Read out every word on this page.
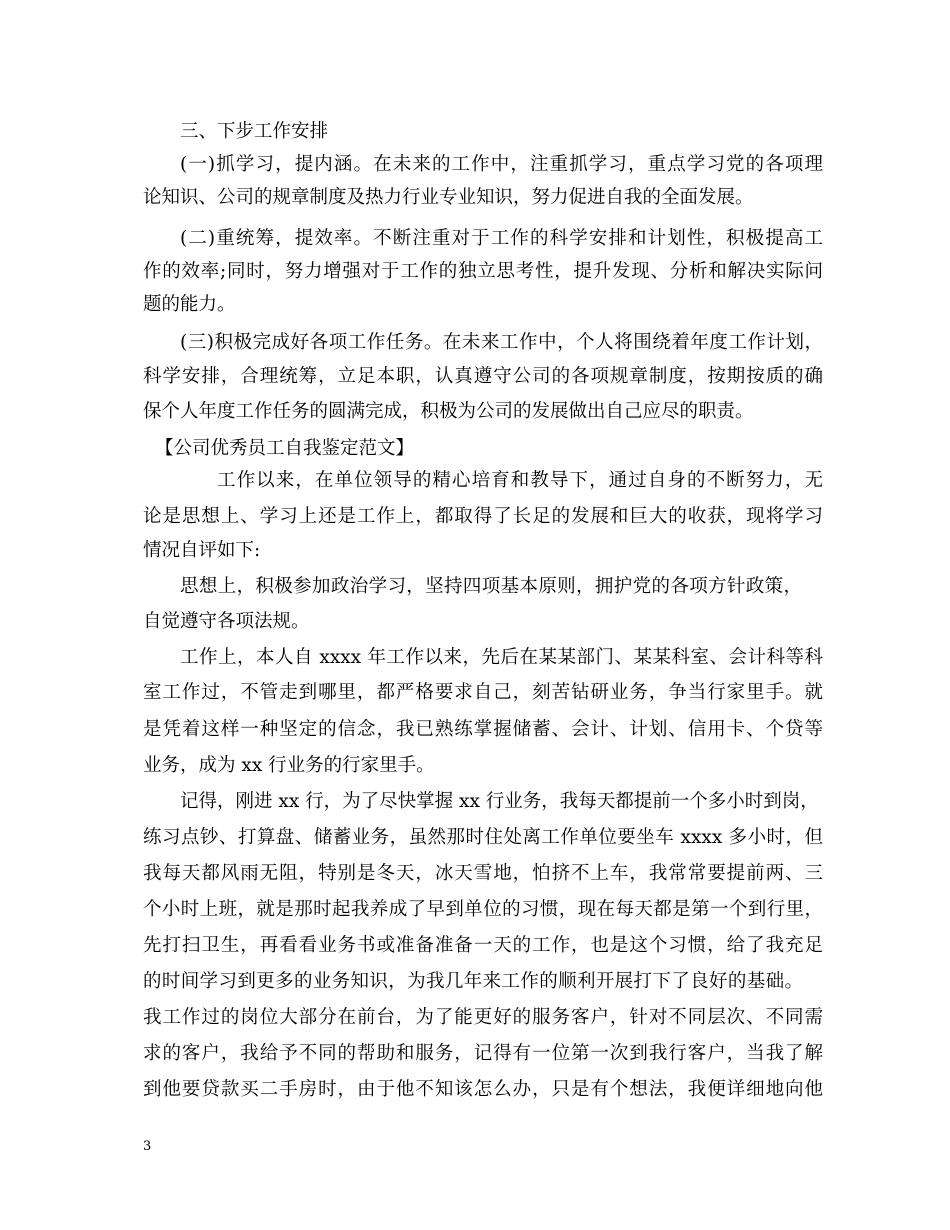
三、下步工作安排
(一)抓学习，提内涵。在未来的工作中，注重抓学习，重点学习党的各项理
论知识、公司的规章制度及热力行业专业知识，努力促进自我的全面发展。
(二)重统筹，提效率。不断注重对于工作的科学安排和计划性，积极提高工
作的效率;同时，努力增强对于工作的独立思考性，提升发现、分析和解决实际问
题的能力。
(三)积极完成好各项工作任务。在未来工作中，个人将围绕着年度工作计划，
科学安排，合理统筹，立足本职，认真遵守公司的各项规章制度，按期按质的确
保个人年度工作任务的圆满完成，积极为公司的发展做出自己应尽的职责。
【公司优秀员工自我鉴定范文】
工作以来，在单位领导的精心培育和教导下，通过自身的不断努力，无
论是思想上、学习上还是工作上，都取得了长足的发展和巨大的收获，现将学习
情况自评如下:
思想上，积极参加政治学习，坚持四项基本原则，拥护党的各项方针政策，
自觉遵守各项法规。
工作上，本人自 xxxx 年工作以来，先后在某某部门、某某科室、会计科等科
室工作过，不管走到哪里，都严格要求自己，刻苦钻研业务，争当行家里手。就
是凭着这样一种坚定的信念，我已熟练掌握储蓄、会计、计划、信用卡、个贷等
业务，成为 xx 行业务的行家里手。
记得，刚进 xx 行，为了尽快掌握 xx 行业务，我每天都提前一个多小时到岗，
练习点钞、打算盘、储蓄业务，虽然那时住处离工作单位要坐车 xxxx 多小时，但
我每天都风雨无阻，特别是冬天，冰天雪地，怕挤不上车，我常常要提前两、三
个小时上班，就是那时起我养成了早到单位的习惯，现在每天都是第一个到行里，
先打扫卫生，再看看业务书或准备准备一天的工作，也是这个习惯，给了我充足
的时间学习到更多的业务知识，为我几年来工作的顺利开展打下了良好的基础。
我工作过的岗位大部分在前台，为了能更好的服务客户，针对不同层次、不同需
求的客户，我给予不同的帮助和服务，记得有一位第一次到我行客户，当我了解
到他要贷款买二手房时，由于他不知该怎么办，只是有个想法，我便详细地向他
3
